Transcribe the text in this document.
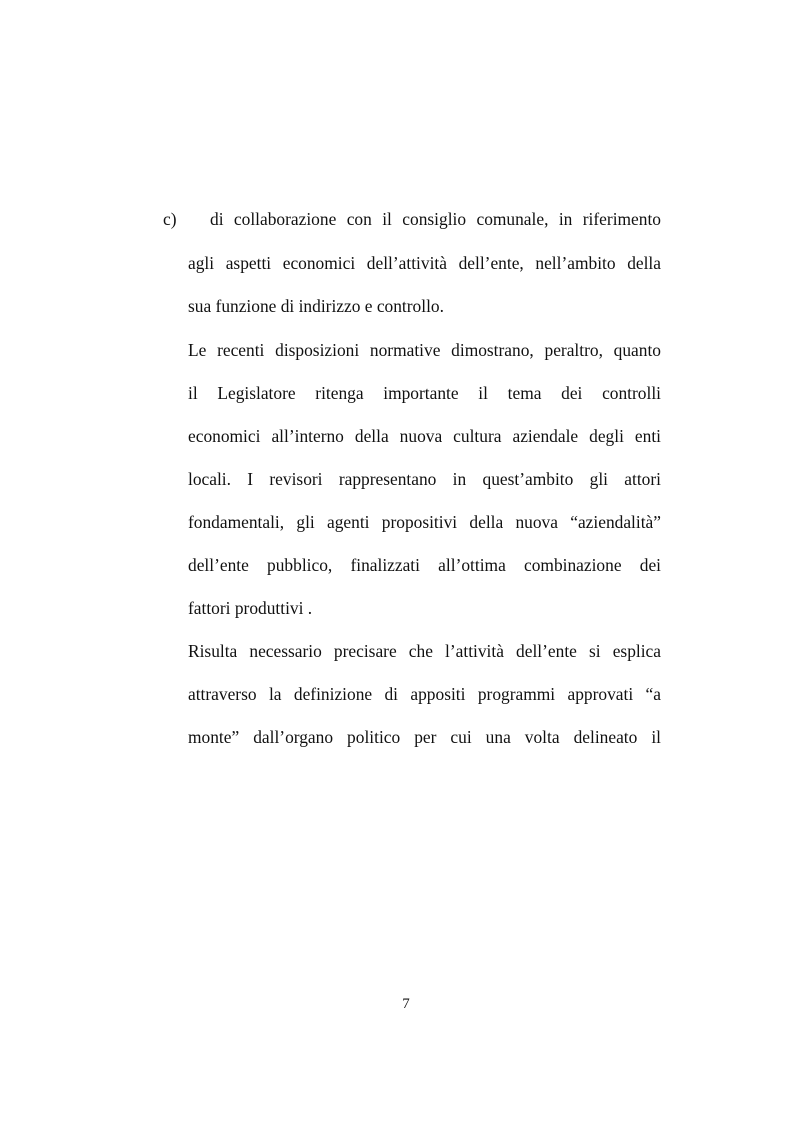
c) di collaborazione con il consiglio comunale, in riferimento
agli aspetti economici dell’attività dell’ente, nell’ambito della
sua funzione di indirizzo e controllo.
Le recenti disposizioni normative dimostrano, peraltro, quanto
il Legislatore ritenga importante il tema dei controlli
economici all’interno della nuova cultura aziendale degli enti
locali. I revisori rappresentano in quest’ambito gli attori
fondamentali, gli agenti propositivi della nuova “aziendalità”
dell’ente pubblico, finalizzati all’ottima combinazione dei
fattori produttivi .
Risulta necessario precisare che l’attività dell’ente si esplica
attraverso la definizione di appositi programmi approvati “a
monte” dall’organo politico per cui una volta delineato il
7
